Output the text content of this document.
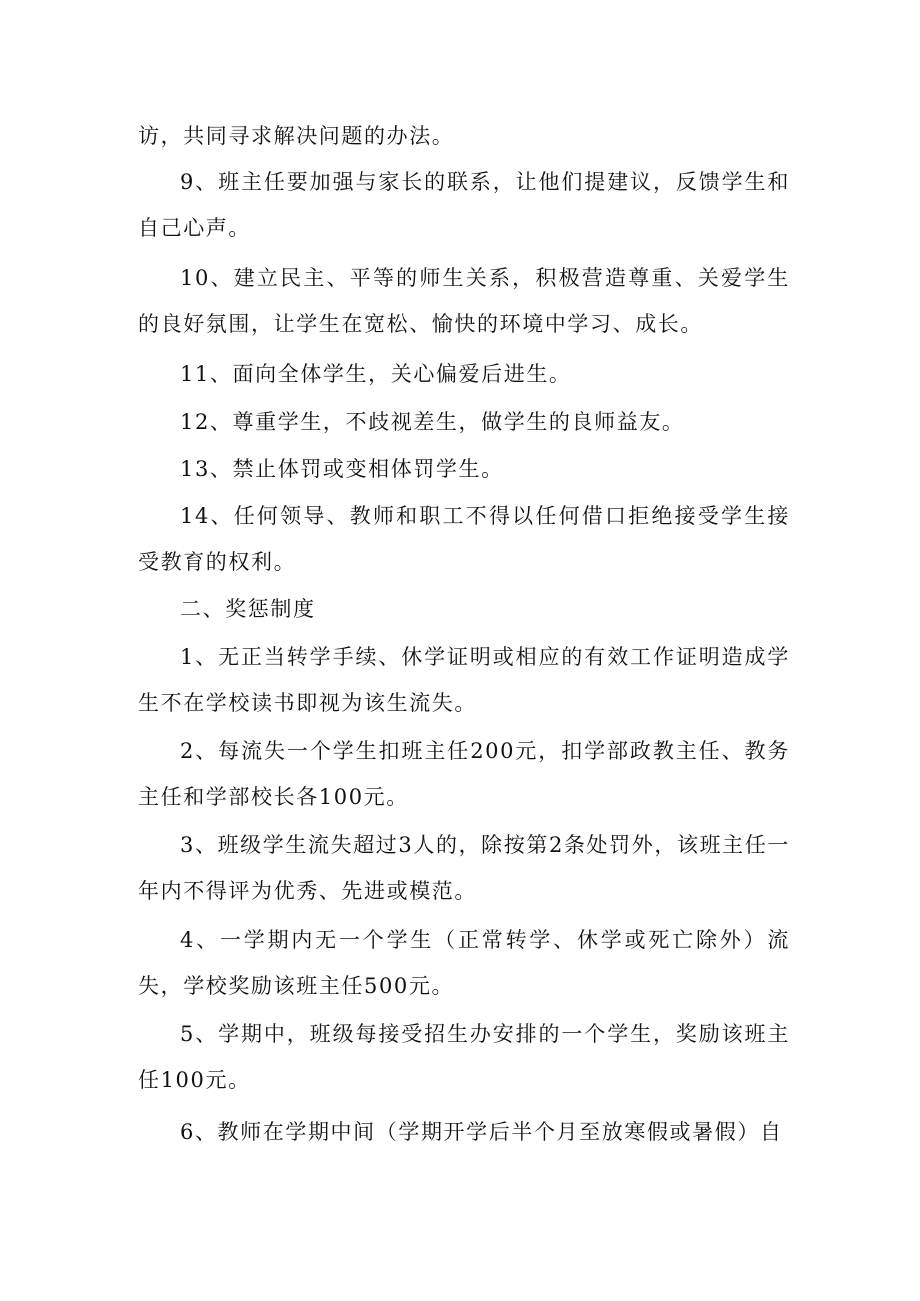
访，共同寻求解决问题的办法。

9、班主任要加强与家长的联系，让他们提建议，反馈学生和自己心声。

10、建立民主、平等的师生关系，积极营造尊重、关爱学生的良好氛围，让学生在宽松、愉快的环境中学习、成长。

11、面向全体学生，关心偏爱后进生。

12、尊重学生，不歧视差生，做学生的良师益友。

13、禁止体罚或变相体罚学生。

14、任何领导、教师和职工不得以任何借口拒绝接受学生接受教育的权利。

二、奖惩制度

1、无正当转学手续、休学证明或相应的有效工作证明造成学生不在学校读书即视为该生流失。

2、每流失一个学生扣班主任200元，扣学部政教主任、教务主任和学部校长各100元。

3、班级学生流失超过3人的，除按第2条处罚外，该班主任一年内不得评为优秀、先进或模范。

4、一学期内无一个学生（正常转学、休学或死亡除外）流失，学校奖励该班主任500元。

5、学期中，班级每接受招生办安排的一个学生，奖励该班主任100元。

6、教师在学期中间（学期开学后半个月至放寒假或暑假）自
